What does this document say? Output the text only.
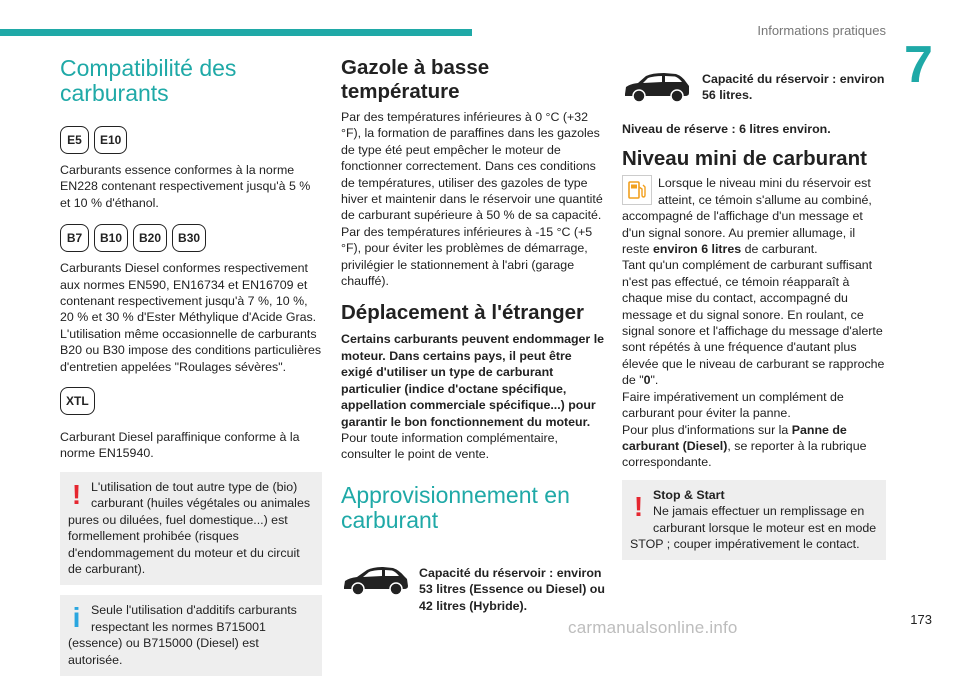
Informations pratiques
7
Compatibilité des carburants
E5	E10

Carburants essence conformes à la norme EN228 contenant respectivement jusqu'à 5 % et 10 % d'éthanol.

B7	B10	B20	B30

Carburants Diesel conformes respectivement aux normes EN590, EN16734 et EN16709 et contenant respectivement jusqu'à 7 %, 10 %, 20 % et 30 % d'Ester Méthylique d'Acide Gras. L'utilisation même occasionnelle de carburants B20 ou B30 impose des conditions particulières d'entretien appelées "Roulages sévères".

XTL

Carburant Diesel paraffinique conforme à la norme EN15940.

! L'utilisation de tout autre type de (bio) carburant (huiles végétales ou animales pures ou diluées, fuel domestique...) est formellement prohibée (risques d'endommagement du moteur et du circuit de carburant).

i Seule l'utilisation d'additifs carburants respectant les normes B715001 (essence) ou B715000 (Diesel) est autorisée.

Gazole à basse température

Par des températures inférieures à 0 °C (+32 °F), la formation de paraffines dans les gazoles de type été peut empêcher le moteur de fonctionner correctement. Dans ces conditions de températures, utiliser des gazoles de type hiver et maintenir dans le réservoir une quantité de carburant supérieure à 50 % de sa capacité. Par des températures inférieures à -15 °C (+5 °F), pour éviter les problèmes de démarrage, privilégier le stationnement à l'abri (garage chauffé).

Déplacement à l'étranger

Certains carburants peuvent endommager le moteur. Dans certains pays, il peut être exigé d'utiliser un type de carburant particulier (indice d'octane spécifique, appellation commerciale spécifique...) pour garantir le bon fonctionnement du moteur.

Pour toute information complémentaire, consulter le point de vente.

Approvisionnement en carburant

Capacité du réservoir : environ 53 litres (Essence ou Diesel) ou 42 litres (Hybride).

Capacité du réservoir : environ 56 litres.

Niveau de réserve : 6 litres environ.

Niveau mini de carburant

Lorsque le niveau mini du réservoir est atteint, ce témoin s'allume au combiné, accompagné de l'affichage d'un message et d'un signal sonore. Au premier allumage, il reste environ 6 litres de carburant.

Tant qu'un complément de carburant suffisant n'est pas effectué, ce témoin réapparaît à chaque mise du contact, accompagné du message et du signal sonore. En roulant, ce signal sonore et l'affichage du message d'alerte sont répétés à une fréquence d'autant plus élevée que le niveau de carburant se rapproche de "0".

Faire impérativement un complément de carburant pour éviter la panne.

Pour plus d'informations sur la Panne de carburant (Diesel), se reporter à la rubrique correspondante.

! Stop & Start

Ne jamais effectuer un remplissage en carburant lorsque le moteur est en mode STOP ; couper impérativement le contact.

173
carmanualsonline.info
